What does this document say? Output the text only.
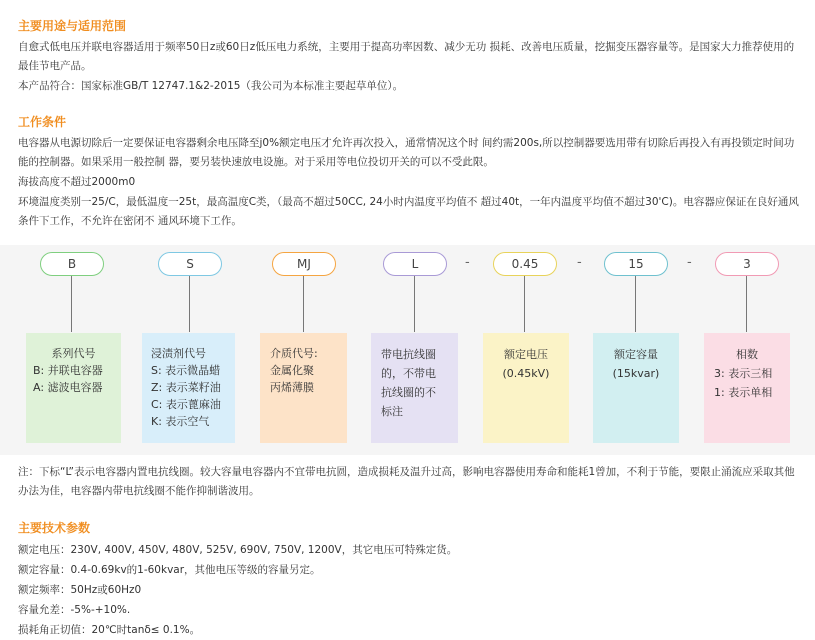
主要用途与适用范围

自愈式低电压并联电容器适用于频率50日z或60日z低压电力系统，主要用于提高功率因数、减少无功 损耗、改善电压质量，挖掘变压器容量等。是国家大力推荐使用的最佳节电产品。

本产品符合：国家标准GB/T 12747.1&2-2015（我公司为本标准主要起草单位）。

工作条件

电容器从电源切除后一定要保证电容器剩余电压降至j0%额定电压才允许再次投入，通常情况这个时 间约需200s,所以控制器要选用带有切除后再投入有再投锁定时间功能的控制器。如果采用一般控制 器，要另装快速放电设施。对于采用等电位投切开关的可以不受此限。

海拔高度不超过2000m0

环境温度类别一25/C，最低温度一25t，最高温度C类，（最高不超过50CC, 24小时内温度平均值不 超过40t，一年内温度平均值不超过30'C)。电容器应保证在良好通风条件下工作，不允许在密闭不 通风环境下工作。

B	S	MJ	L	-	0.45	-	15	-	3
系列代号
B: 并联电容器
A: 滤波电容器
浸渍剂代号
S: 表示微晶蜡
Z: 表示菜籽油
C: 表示蓖麻油
K: 表示空气
介质代号:
金属化聚
丙烯薄膜
带电抗线圈
的，不带电
抗线圈的不
标注
额定电压
(0.45kV)
额定容量
(15kvar)
相数
3: 表示三相
1: 表示单相

注：下标“L”表示电容器内置电抗线圈。较大容量电容器内不宜带电抗圆，造成损耗及温升过高，影响电容器使用寿命和能耗1曾加，不利于节能，要限止涌流应采取其他办法为佳，电容器内带电抗线圈不能作抑制谐波用。

主要技术参数

额定电压：230V, 400V, 450V, 480V, 525V, 690V, 750V, 1200V，其它电压可特殊定货。

额定容量：0.4-0.69kv的1-60kvar，其他电压等级的容量另定。

额定频率：50Hz或60Hz0

容量允差：-5%-+10%.

损耗角正切值：20℃时tanδ≤ 0.1%。
